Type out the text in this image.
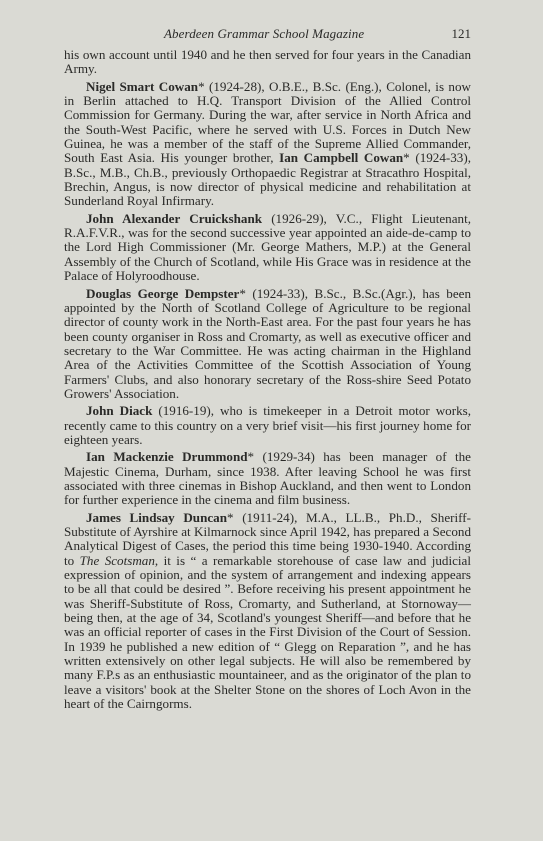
Aberdeen Grammar School Magazine	121

his own account until 1940 and he then served for four years in the Canadian Army.

Nigel Smart Cowan* (1924-28), O.B.E., B.Sc. (Eng.), Colonel, is now in Berlin attached to H.Q. Transport Division of the Allied Control Commission for Germany. During the war, after service in North Africa and the South-West Pacific, where he served with U.S. Forces in Dutch New Guinea, he was a member of the staff of the Supreme Allied Commander, South East Asia. His younger brother, Ian Campbell Cowan* (1924-33), B.Sc., M.B., Ch.B., previously Orthopaedic Registrar at Stracathro Hospital, Brechin, Angus, is now director of physical medicine and rehabilitation at Sunderland Royal Infirmary.

John Alexander Cruickshank (1926-29), V.C., Flight Lieutenant, R.A.F.V.R., was for the second successive year appointed an aide-de-camp to the Lord High Commissioner (Mr. George Mathers, M.P.) at the General Assembly of the Church of Scotland, while His Grace was in residence at the Palace of Holyroodhouse.

Douglas George Dempster* (1924-33), B.Sc., B.Sc.(Agr.), has been appointed by the North of Scotland College of Agriculture to be regional director of county work in the North-East area. For the past four years he has been county organiser in Ross and Cromarty, as well as executive officer and secretary to the War Committee. He was acting chairman in the Highland Area of the Activities Committee of the Scottish Association of Young Farmers' Clubs, and also honorary secretary of the Ross-shire Seed Potato Growers' Association.

John Diack (1916-19), who is timekeeper in a Detroit motor works, recently came to this country on a very brief visit—his first journey home for eighteen years.

Ian Mackenzie Drummond* (1929-34) has been manager of the Majestic Cinema, Durham, since 1938. After leaving School he was first associated with three cinemas in Bishop Auckland, and then went to London for further experience in the cinema and film business.

James Lindsay Duncan* (1911-24), M.A., LL.B., Ph.D., Sheriff-Substitute of Ayrshire at Kilmarnock since April 1942, has prepared a Second Analytical Digest of Cases, the period this time being 1930-1940. According to The Scotsman, it is “ a remarkable storehouse of case law and judicial expression of opinion, and the system of arrangement and indexing appears to be all that could be desired ”. Before receiving his present appointment he was Sheriff-Substitute of Ross, Cromarty, and Sutherland, at Stornoway—being then, at the age of 34, Scotland's youngest Sheriff—and before that he was an official reporter of cases in the First Division of the Court of Session. In 1939 he published a new edition of “ Glegg on Reparation ”, and he has written extensively on other legal subjects. He will also be remembered by many F.P.s as an enthusiastic mountaineer, and as the originator of the plan to leave a visitors' book at the Shelter Stone on the shores of Loch Avon in the heart of the Cairngorms.
